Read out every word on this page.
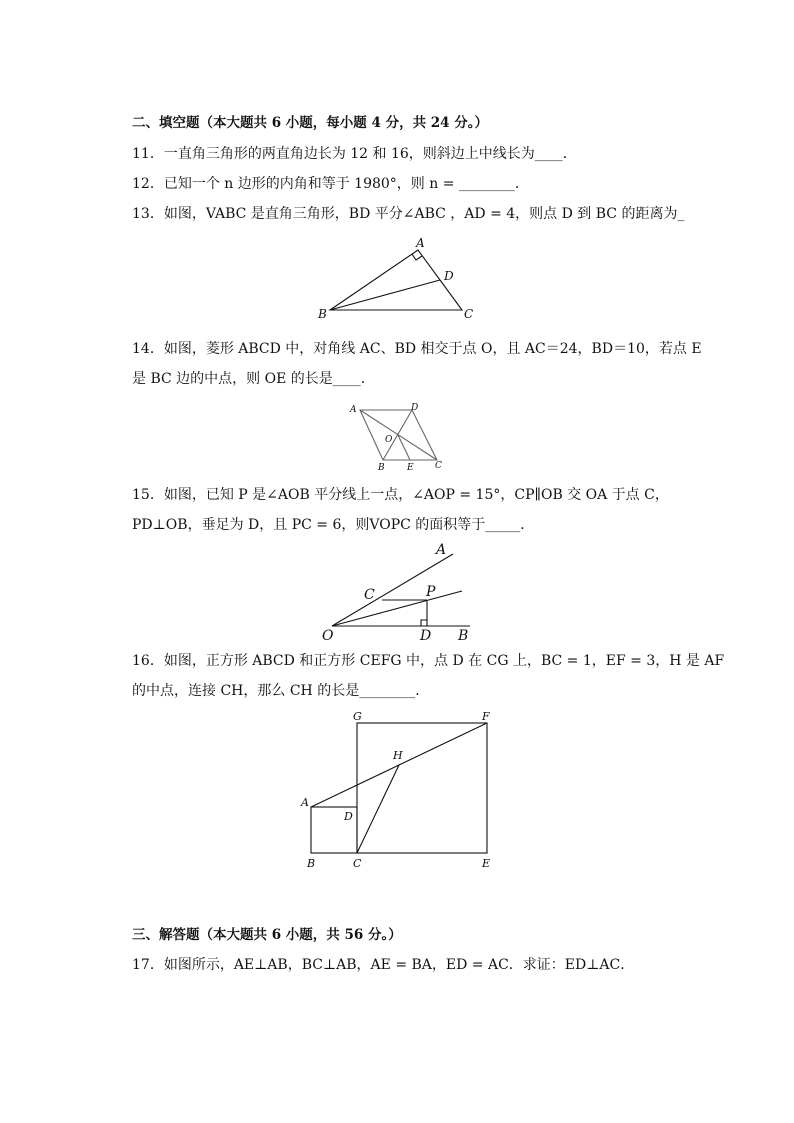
二、填空题（本大题共 6 小题，每小题 4 分，共 24 分。）
11．一直角三角形的两直角边长为 12 和 16，则斜边上中线长为____．
12．已知一个 n 边形的内角和等于 1980°，则 n = ________．
13．如图，VABC 是直角三角形，BD 平分∠ABC ，AD = 4，则点 D 到 BC 的距离为_
A
B	C
D
14．如图，菱形 ABCD 中，对角线 AC、BD 相交于点 O，且 AC＝24，BD＝10，若点 E
是 BC 边的中点，则 OE 的长是____．
A	D
O
B E C
15．如图，已知 P 是∠AOB 平分线上一点，∠AOP = 15°，CP∥OB 交 OA 于点 C，
PD⊥OB，垂足为 D，且 PC = 6，则VOPC 的面积等于_____．
A
C	P
O	D B
16．如图，正方形 ABCD 和正方形 CEFG 中，点 D 在 CG 上，BC = 1，EF = 3，H 是 AF
的中点，连接 CH，那么 CH 的长是________．
G	F
H
A
D
B	C	E
三、解答题（本大题共 6 小题，共 56 分。）
17．如图所示，AE⊥AB，BC⊥AB，AE = BA，ED = AC．求证：ED⊥AC．
